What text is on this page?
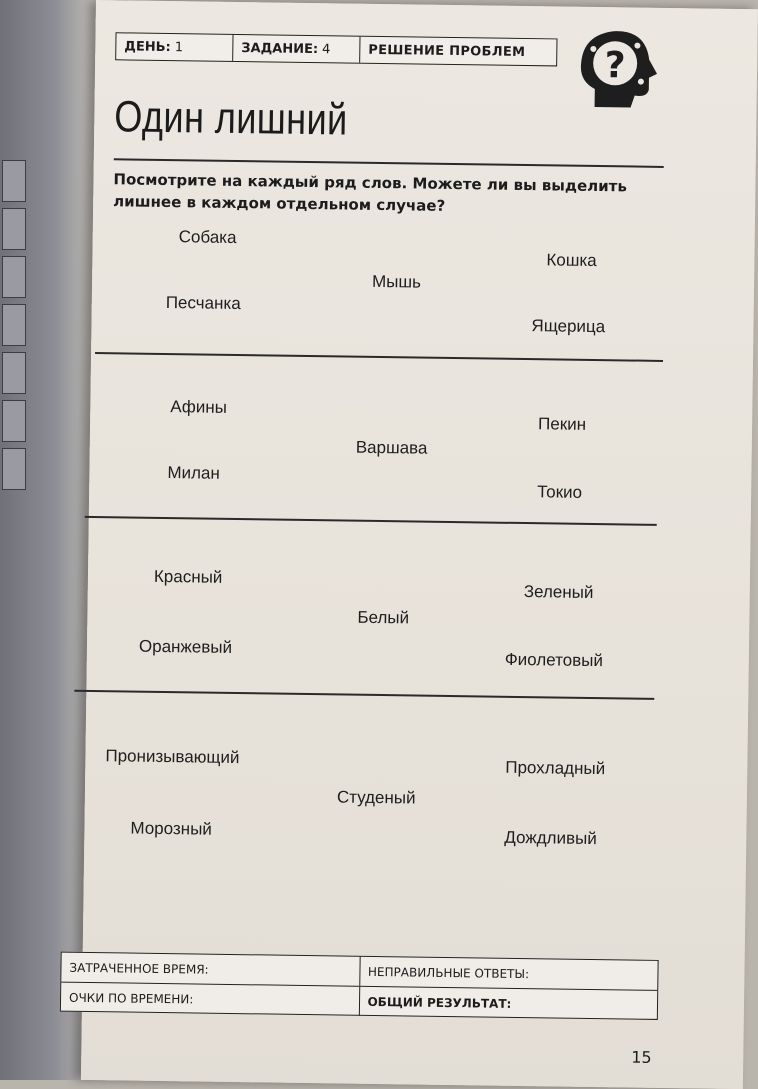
ДЕНЬ: 1	ЗАДАНИЕ: 4	РЕШЕНИЕ ПРОБЛЕМ ?
Один лишний
Посмотрите на каждый ряд слов. Можете ли вы выделить лишнее в каждом отдельном случае?
Собака
Кошка
Мышь
Песчанка
Ящерица
Афины
Пекин
Варшава
Милан
Токио
Красный
Зеленый
Белый
Оранжевый
Фиолетовый
Пронизывающий
Прохладный
Студеный
Морозный	Дождливый
ЗАТРАЧЕННОЕ ВРЕМЯ:	НЕПРАВИЛЬНЫЕ ОТВЕТЫ:
ОЧКИ ПО ВРЕМЕНИ:	ОБЩИЙ РЕЗУЛЬТАТ:
15
